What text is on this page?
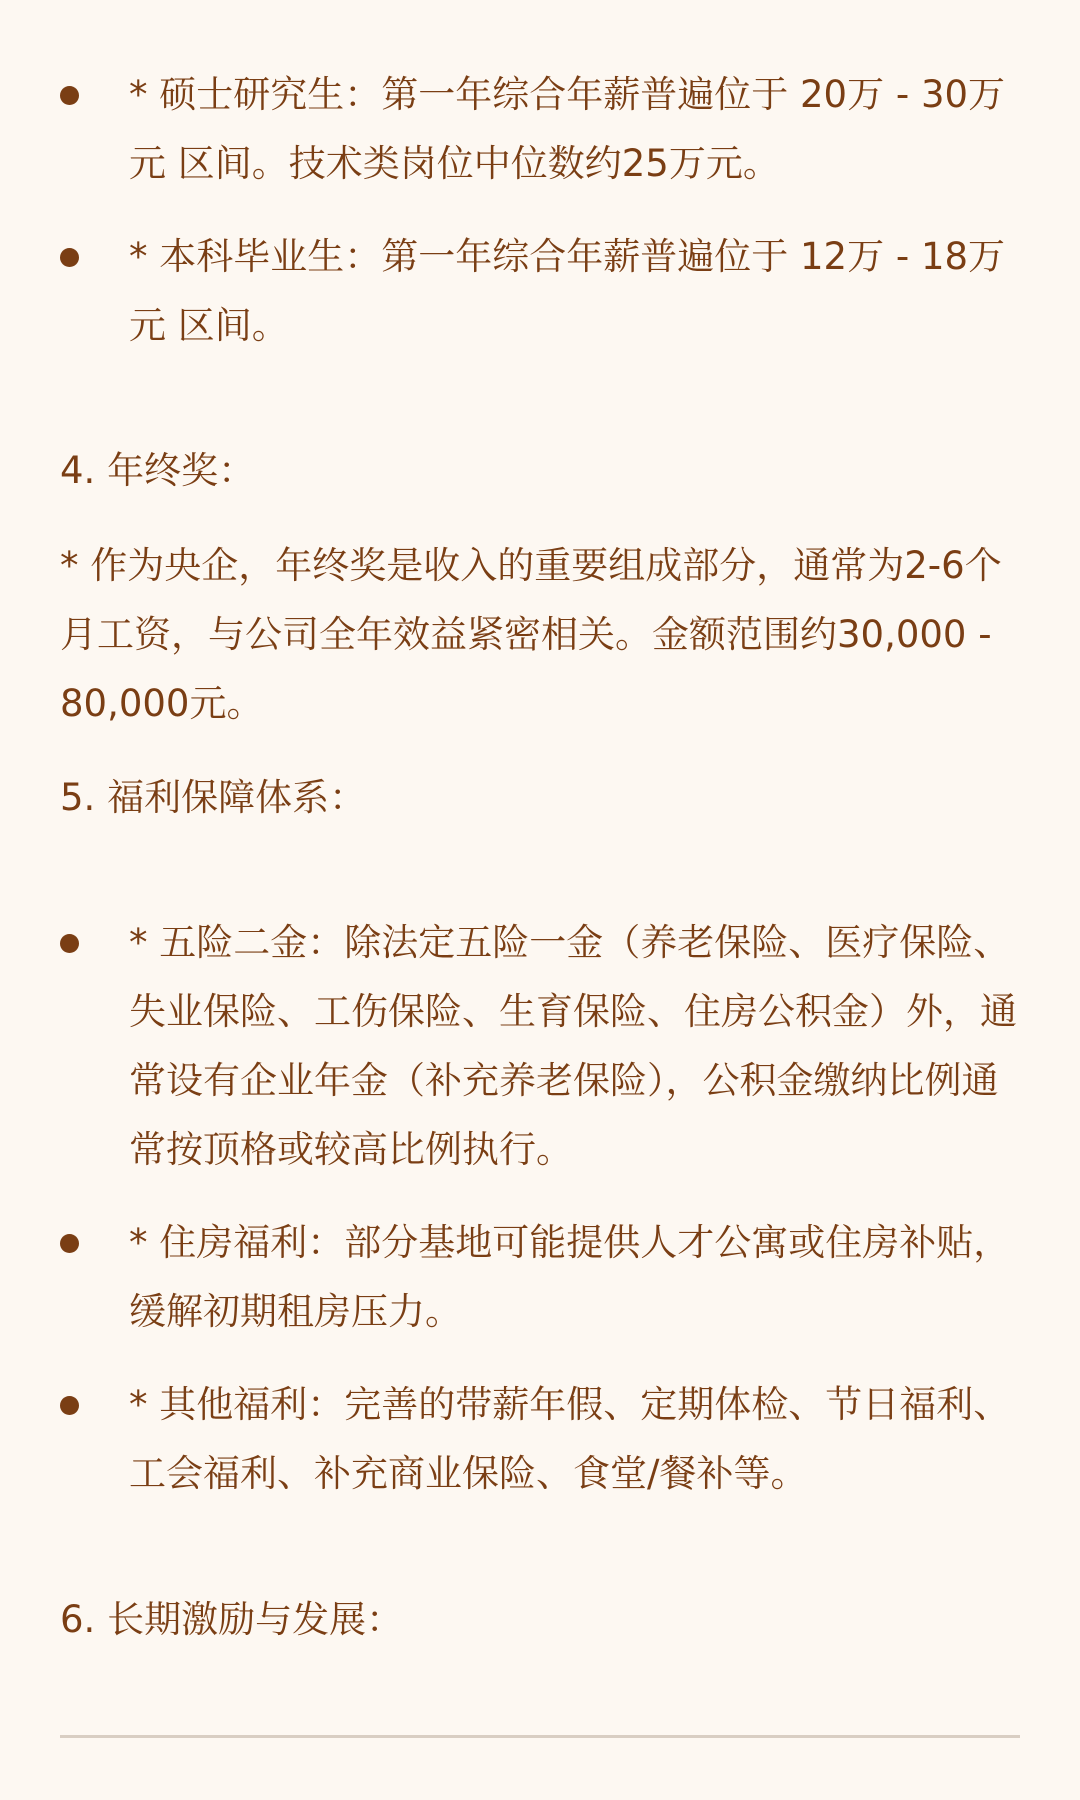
* 硕士研究生：第一年综合年薪普遍位于 20万 - 30万元 区间。技术类岗位中位数约25万元。
* 本科毕业生：第一年综合年薪普遍位于 12万 - 18万元 区间。

4. 年终奖：

* 作为央企，年终奖是收入的重要组成部分，通常为2-6个月工资，与公司全年效益紧密相关。金额范围约30,000 - 80,000元。

5. 福利保障体系：

* 五险二金：除法定五险一金（养老保险、医疗保险、失业保险、工伤保险、生育保险、住房公积金）外，通常设有企业年金（补充养老保险），公积金缴纳比例通常按顶格或较高比例执行。
* 住房福利：部分基地可能提供人才公寓或住房补贴，缓解初期租房压力。
* 其他福利：完善的带薪年假、定期体检、节日福利、工会福利、补充商业保险、食堂/餐补等。

6. 长期激励与发展：
